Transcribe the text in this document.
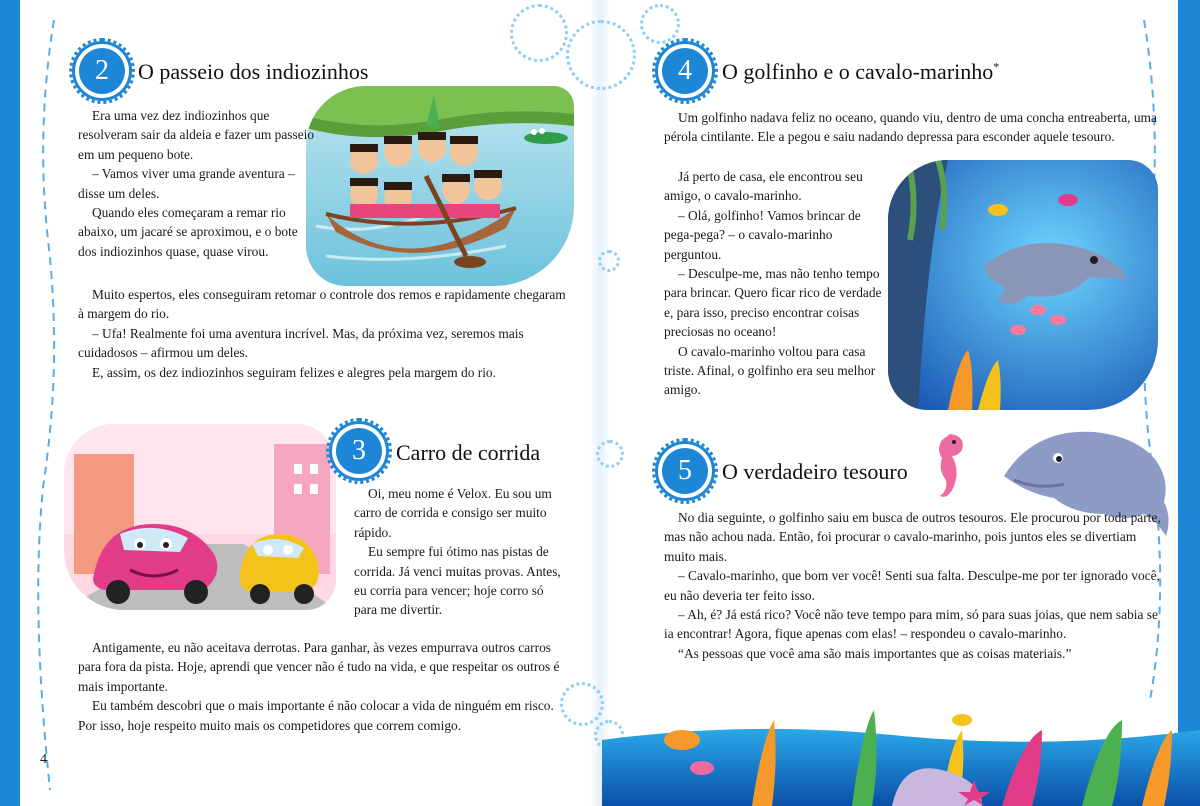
2	O passeio dos indiozinhos

Era uma vez dez indiozinhos que resolveram sair da aldeia e fazer um passeio em um pequeno bote.

– Vamos viver uma grande aventura – disse um deles.

Quando eles começaram a remar rio abaixo, um jacaré se aproximou, e o bote dos indiozinhos quase, quase virou.

Muito espertos, eles conseguiram retomar o controle dos remos e rapidamente chegaram à margem do rio.

– Ufa! Realmente foi uma aventura incrível. Mas, da próxima vez, seremos mais cuidadosos – afirmou um deles.

E, assim, os dez indiozinhos seguiram felizes e alegres pela margem do rio.

3	Carro de corrida

Oi, meu nome é Velox. Eu sou um carro de corrida e consigo ser muito rápido.

Eu sempre fui ótimo nas pistas de corrida. Já venci muitas provas. Antes, eu corria para vencer; hoje corro só para me divertir.

Antigamente, eu não aceitava derrotas. Para ganhar, às vezes empurrava outros carros para fora da pista. Hoje, aprendi que vencer não é tudo na vida, e que respeitar os outros é mais importante.

Eu também descobri que o mais importante é não colocar a vida de ninguém em risco. Por isso, hoje respeito muito mais os competidores que correm comigo.

4
4	O golfinho e o cavalo-marinho*

Um golfinho nadava feliz no oceano, quando viu, dentro de uma concha entreaberta, uma pérola cintilante. Ele a pegou e saiu nadando depressa para esconder aquele tesouro.

Já perto de casa, ele encontrou seu amigo, o cavalo-marinho.

– Olá, golfinho! Vamos brincar de pega-pega? – o cavalo-marinho perguntou.

– Desculpe-me, mas não tenho tempo para brincar. Quero ficar rico de verdade e, para isso, preciso encontrar coisas preciosas no oceano!

O cavalo-marinho voltou para casa triste. Afinal, o golfinho era seu melhor amigo.

5	O verdadeiro tesouro

No dia seguinte, o golfinho saiu em busca de outros tesouros. Ele procurou por toda parte, mas não achou nada. Então, foi procurar o cavalo-marinho, pois juntos eles se divertiam muito mais.

– Cavalo-marinho, que bom ver você! Senti sua falta. Desculpe-me por ter ignorado você, eu não deveria ter feito isso.

– Ah, é? Já está rico? Você não teve tempo para mim, só para suas joias, que nem sabia se ia encontrar! Agora, fique apenas com elas! – respondeu o cavalo-marinho.

“As pessoas que você ama são mais importantes que as coisas materiais.”
